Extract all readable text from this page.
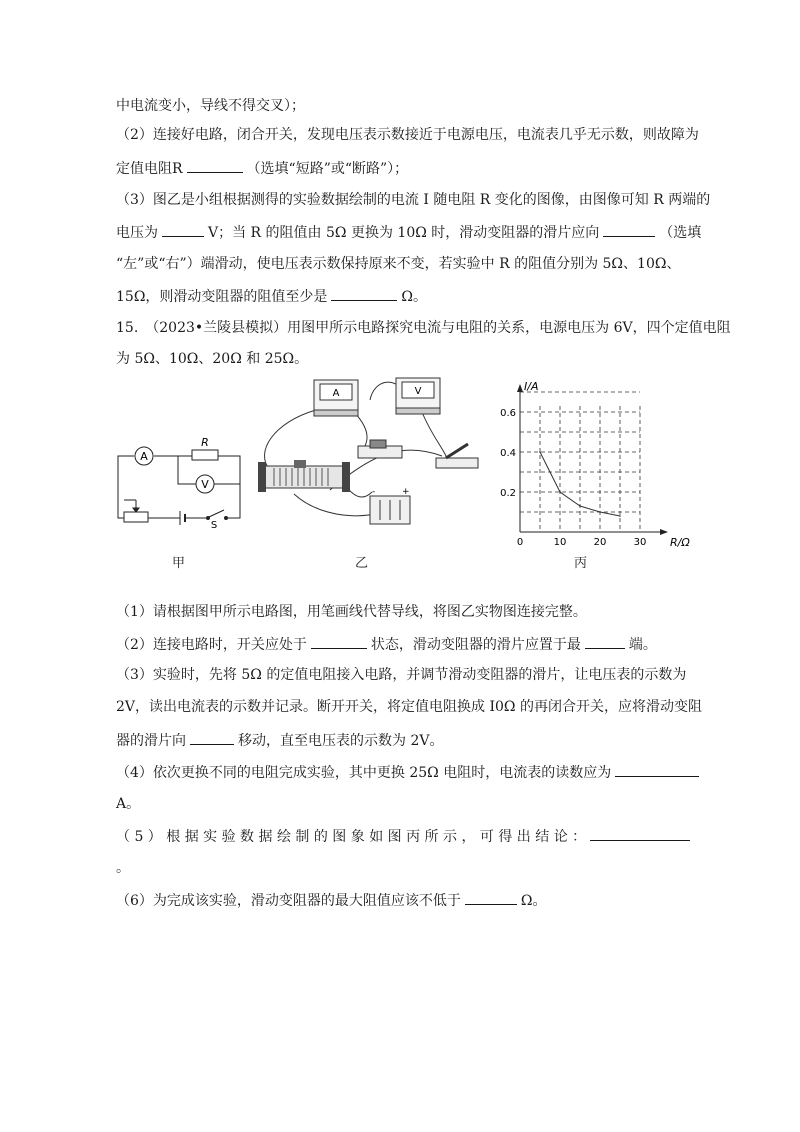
中电流变小，导线不得交叉）；
（2）连接好电路，闭合开关，发现电压表示数接近于电源电压，电流表几乎无示数，则故障为
定值电阻R	（选填“短路”或“断路”）；
（3）图乙是小组根据测得的实验数据绘制的电流 I 随电阻 R 变化的图像，由图像可知 R 两端的
电压为	V；当 R 的阻值由 5Ω 更换为 10Ω 时，滑动变阻器的滑片应向	（选填
“左”或“右”）端滑动，使电压表示数保持原来不变，若实验中 R 的阻值分别为 5Ω、10Ω、
15Ω，则滑动变阻器的阻值至少是	Ω。
15.　（2023•兰陵县模拟）用图甲所示电路探究电流与电阻的关系，电源电压为 6V，四个定值电阻
为 5Ω、10Ω、20Ω 和 25Ω。
A
V
R
S
甲
A	V
-	+
乙
0	10	20	30
0.2
0.4
0.6
R/Ω
I/A
丙
（1）请根据图甲所示电路图，用笔画线代替导线，将图乙实物图连接完整。
（2）连接电路时，开关应处于	状态，滑动变阻器的滑片应置于最	端。
（3）实验时，先将 5Ω 的定值电阻接入电路，并调节滑动变阻器的滑片，让电压表的示数为
2V，读出电流表的示数并记录。断开开关，将定值电阻换成 I0Ω 的再闭合开关，应将滑动变阻
器的滑片向	移动，直至电压表的示数为 2V。
（4）依次更换不同的电阻完成实验，其中更换 25Ω 电阻时，电流表的读数应为
A。
（ 5 ） 根 据 实 验 数 据 绘 制 的 图 象 如 图 丙 所 示 ， 可 得 出 结 论 ：
。
（6）为完成该实验，滑动变阻器的最大阻值应该不低于	Ω。
